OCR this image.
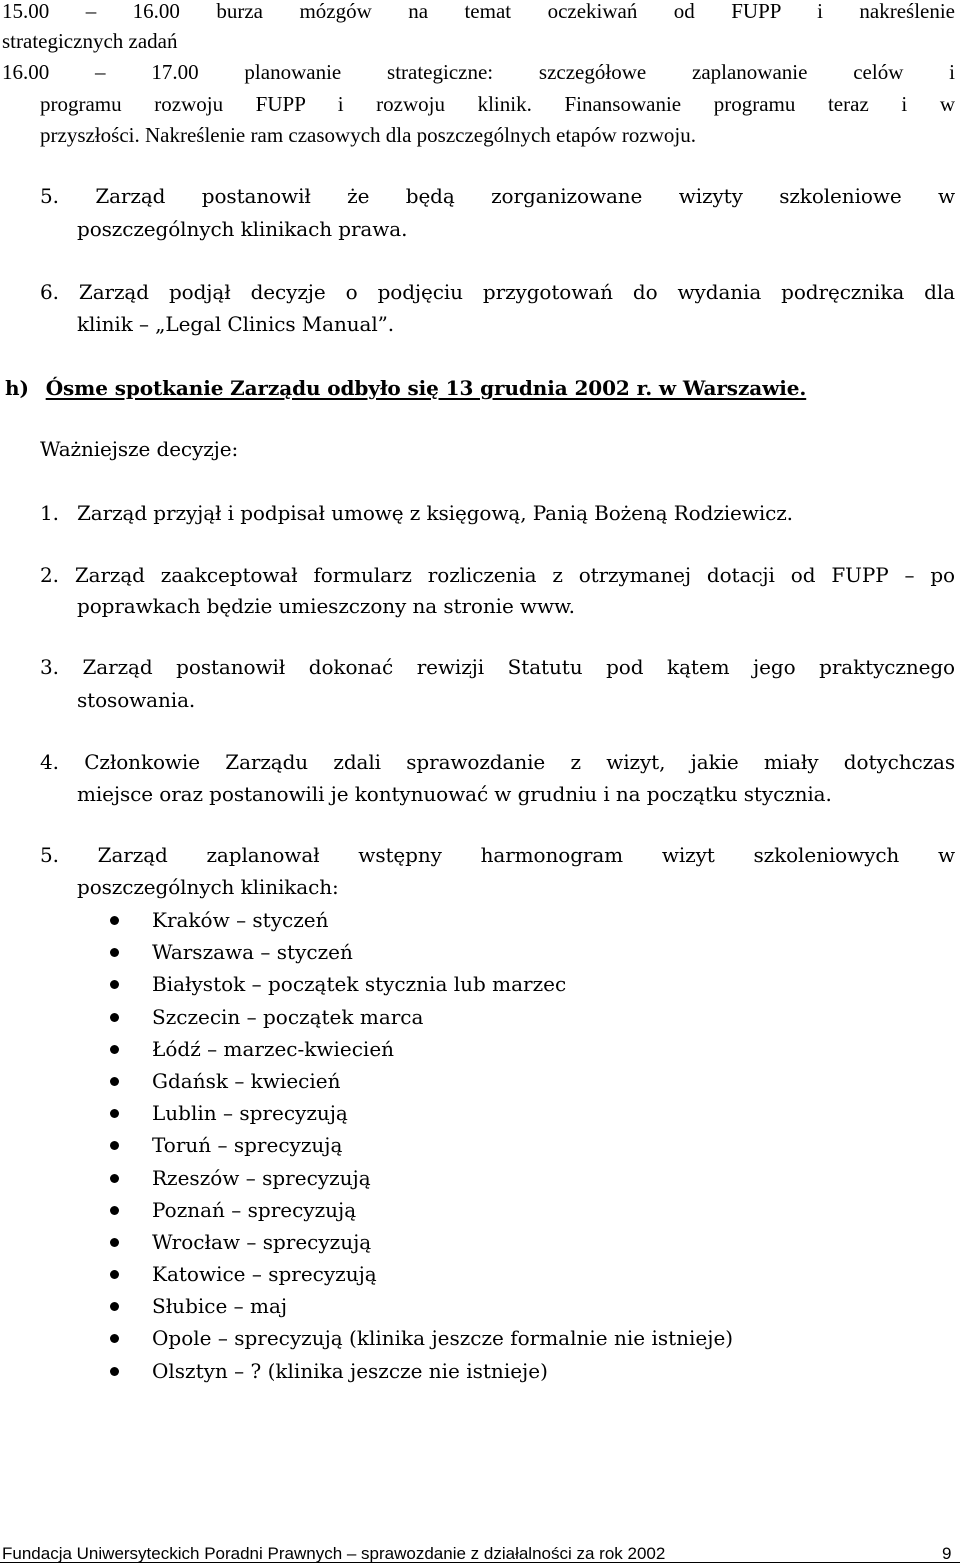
15.00 – 16.00 burza mózgów na temat oczekiwań od FUPP i nakreślenie
strategicznych zadań
16.00 – 17.00 planowanie strategiczne: szczegółowe zaplanowanie celów i
programu rozwoju FUPP i rozwoju klinik. Finansowanie programu teraz i w
przyszłości. Nakreślenie ram czasowych dla poszczególnych etapów rozwoju.
5. Zarząd postanowił że będą zorganizowane wizyty szkoleniowe w
poszczególnych klinikach prawa.
6. Zarząd podjął decyzje o podjęciu przygotowań do wydania podręcznika dla
klinik – „Legal Clinics Manual”.
h) Ósme spotkanie Zarządu odbyło się 13 grudnia 2002 r. w Warszawie.
Ważniejsze decyzje:
1. Zarząd przyjął i podpisał umowę z księgową, Panią Bożeną Rodziewicz.
2. Zarząd zaakceptował formularz rozliczenia z otrzymanej dotacji od FUPP – po
poprawkach będzie umieszczony na stronie www.
3. Zarząd postanowił dokonać rewizji Statutu pod kątem jego praktycznego
stosowania.
4. Członkowie Zarządu zdali sprawozdanie z wizyt, jakie miały dotychczas
miejsce oraz postanowili je kontynuować w grudniu i na początku stycznia.
5. Zarząd zaplanował wstępny harmonogram wizyt szkoleniowych w
poszczególnych klinikach:
Kraków – styczeń
Warszawa – styczeń
Białystok – początek stycznia lub marzec
Szczecin – początek marca
Łódź – marzec-kwiecień
Gdańsk – kwiecień
Lublin – sprecyzują
Toruń – sprecyzują
Rzeszów – sprecyzują
Poznań – sprecyzują
Wrocław – sprecyzują
Katowice – sprecyzują
Słubice – maj
Opole – sprecyzują (klinika jeszcze formalnie nie istnieje)
Olsztyn – ? (klinika jeszcze nie istnieje)
Fundacja Uniwersyteckich Poradni Prawnych – sprawozdanie z działalności za rok 2002	9
